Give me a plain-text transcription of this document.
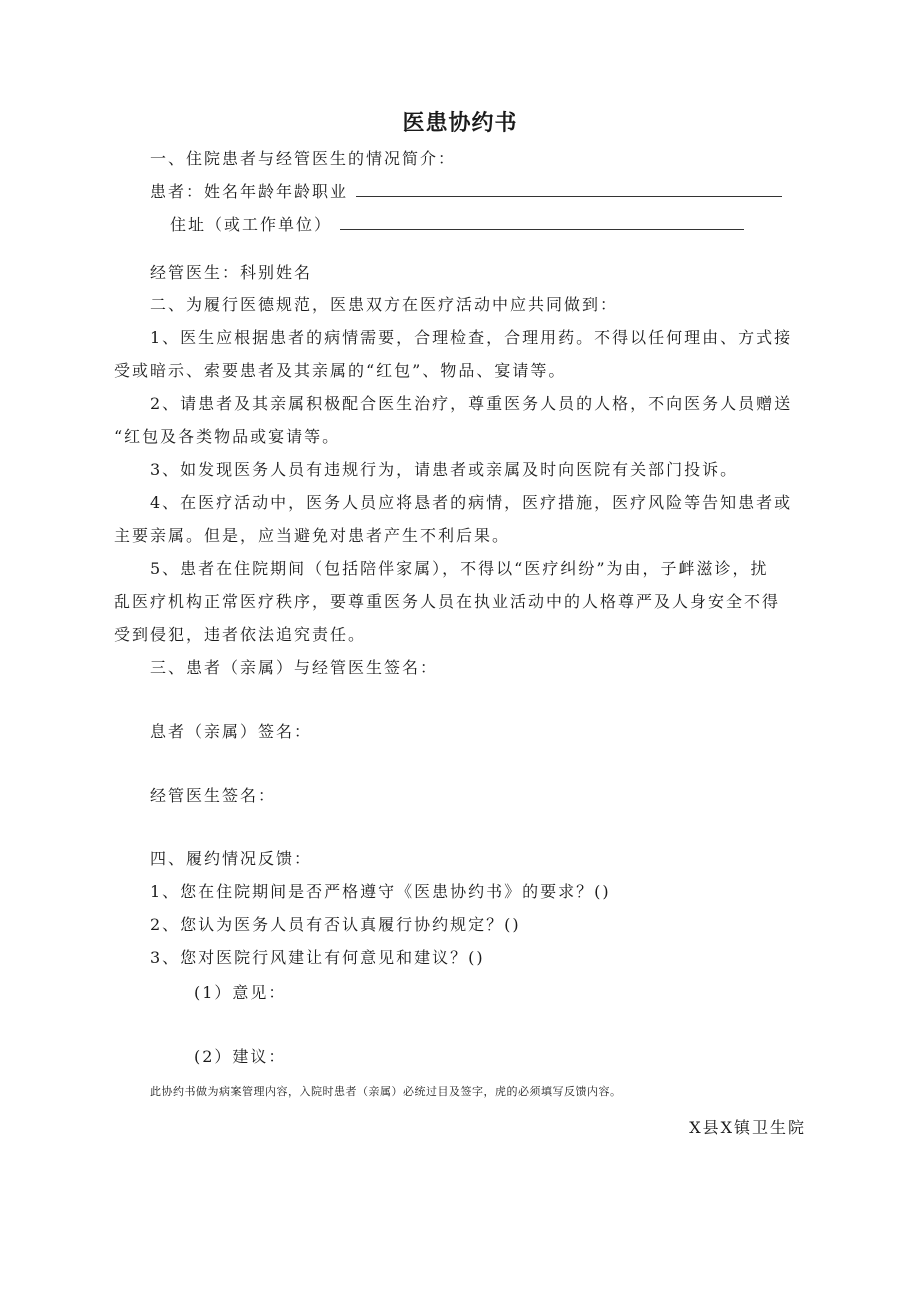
医患协约书
一、住院患者与经管医生的情况简介：
患者：姓名年龄年龄职业
住址（或工作单位）
经管医生：科别姓名
二、为履行医德规范，医患双方在医疗活动中应共同做到：
1、医生应根据患者的病情需要，合理检查，合理用药。不得以任何理由、方式接
受或暗示、索要患者及其亲属的“红包”、物品、宴请等。
2、请患者及其亲属积极配合医生治疗，尊重医务人员的人格，不向医务人员赠送
“红包及各类物品或宴请等。
3、如发现医务人员有违规行为，请患者或亲属及时向医院有关部门投诉。
4、在医疗活动中，医务人员应将恳者的病情，医疗措施，医疗风险等告知患者或
主要亲属。但是，应当避免对患者产生不利后果。
5、患者在住院期间（包括陪伴家属），不得以“医疗纠纷”为由，子衅滋诊，扰
乱医疗机构正常医疗秩序，要尊重医务人员在执业活动中的人格尊严及人身安全不得
受到侵犯，违者依法追究责任。
三、患者（亲属）与经管医生签名：
息者（亲属）签名：
经管医生签名：
四、履约情况反馈：
1、您在住院期间是否严格遵守《医患协约书》的要求？()
2、您认为医务人员有否认真履行协约规定？()
3、您对医院行风建让有何意见和建议？()
(1）意见：
(2）建议：
此协约书做为病案管理内容，入院时患者（亲属）必统过目及签字，虎的必须填写反馈内容。
X县X镇卫生院
